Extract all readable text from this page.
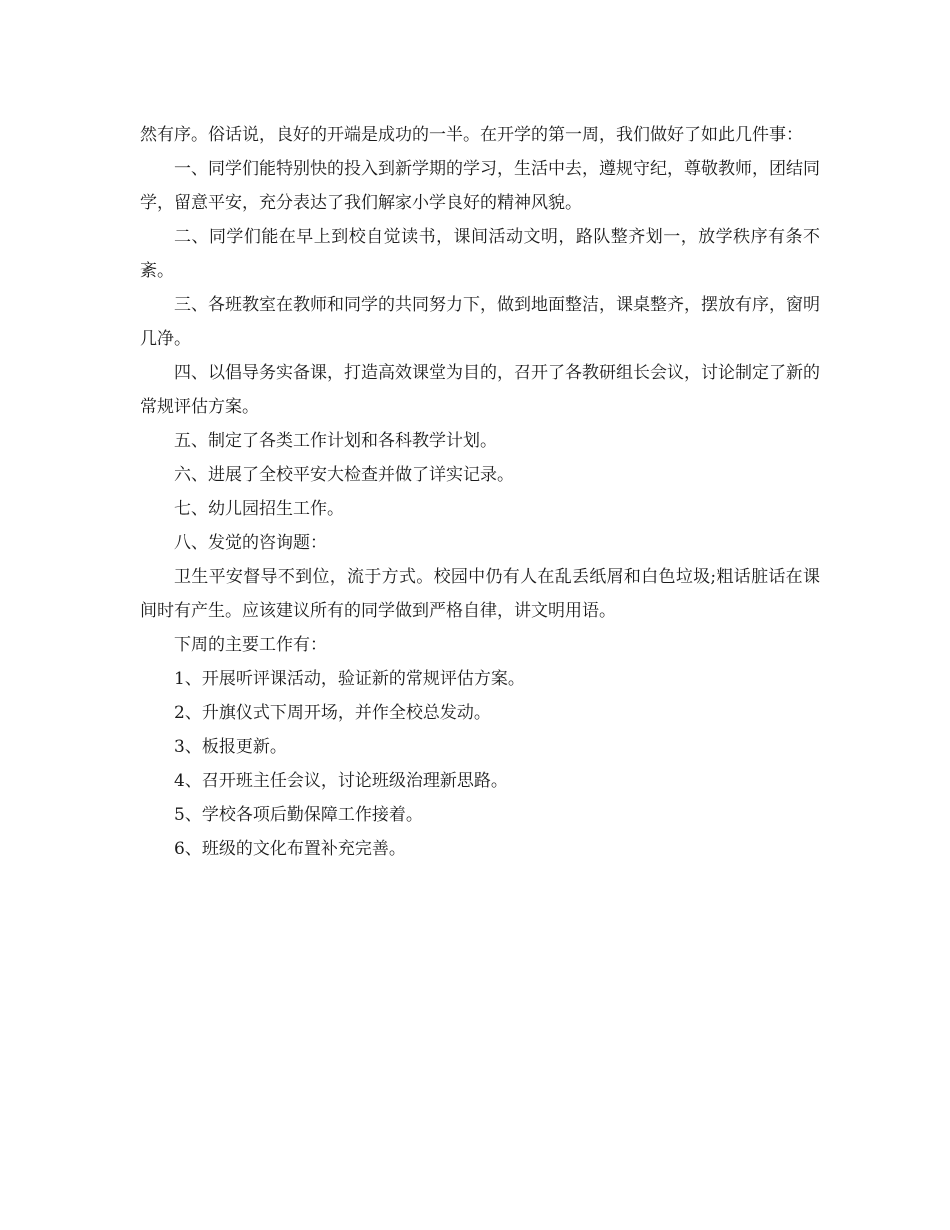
然有序。俗话说，良好的开端是成功的一半。在开学的第一周，我们做好了如此几件事：

一、同学们能特别快的投入到新学期的学习，生活中去，遵规守纪，尊敬教师，团结同学，留意平安，充分表达了我们解家小学良好的精神风貌。

二、同学们能在早上到校自觉读书，课间活动文明，路队整齐划一，放学秩序有条不紊。

三、各班教室在教师和同学的共同努力下，做到地面整洁，课桌整齐，摆放有序，窗明几净。

四、以倡导务实备课，打造高效课堂为目的，召开了各教研组长会议，讨论制定了新的常规评估方案。

五、制定了各类工作计划和各科教学计划。

六、进展了全校平安大检查并做了详实记录。

七、幼儿园招生工作。

八、发觉的咨询题：

卫生平安督导不到位，流于方式。校园中仍有人在乱丢纸屑和白色垃圾;粗话脏话在课间时有产生。应该建议所有的同学做到严格自律，讲文明用语。

下周的主要工作有：

1、开展听评课活动，验证新的常规评估方案。

2、升旗仪式下周开场，并作全校总发动。

3、板报更新。

4、召开班主任会议，讨论班级治理新思路。

5、学校各项后勤保障工作接着。

6、班级的文化布置补充完善。
